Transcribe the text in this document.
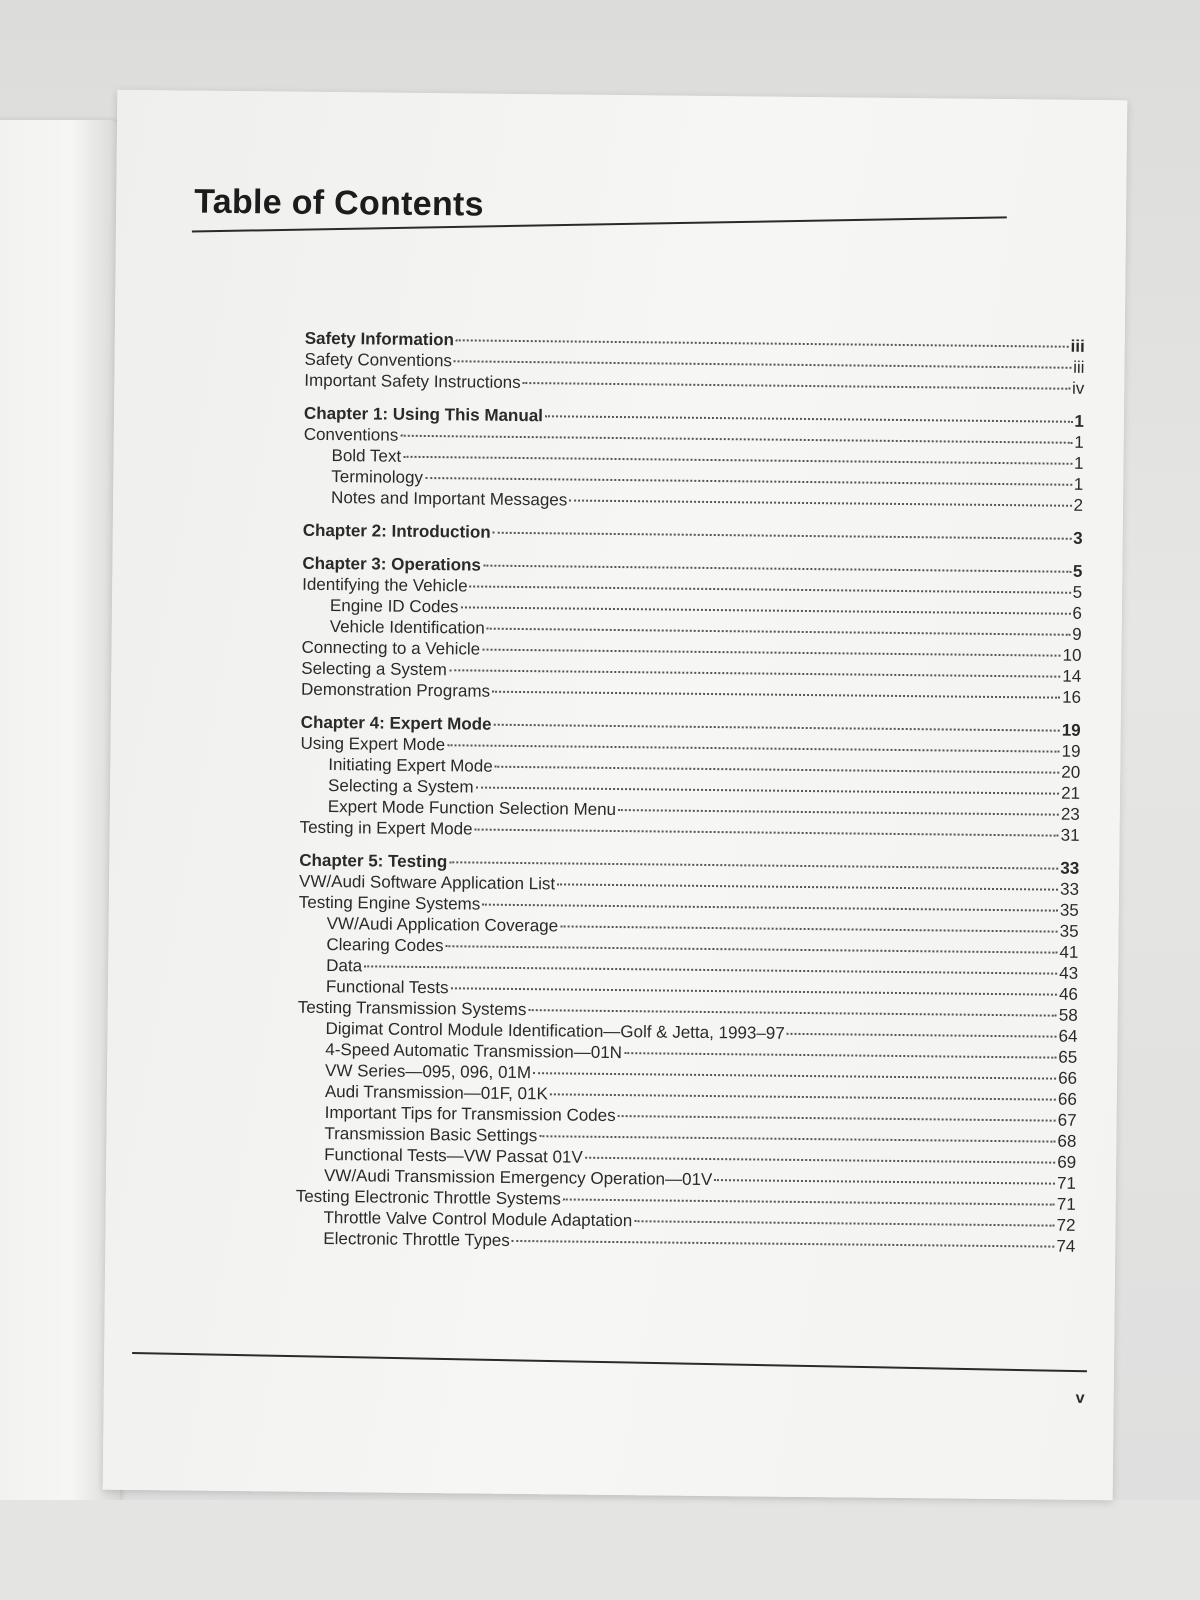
Table of Contents
Safety Information	iii
Safety Conventions	iii
Important Safety Instructions	iv
Chapter 1: Using This Manual	1
Conventions	1
Bold Text	1
Terminology	1
Notes and Important Messages	2
Chapter 2: Introduction	3
Chapter 3: Operations	5
Identifying the Vehicle	5
Engine ID Codes	6
Vehicle Identification	9
Connecting to a Vehicle	10
Selecting a System	14
Demonstration Programs	16
Chapter 4: Expert Mode	19
Using Expert Mode	19
Initiating Expert Mode	20
Selecting a System	21
Expert Mode Function Selection Menu	23
Testing in Expert Mode	31
Chapter 5: Testing	33
VW/Audi Software Application List	33
Testing Engine Systems	35
VW/Audi Application Coverage	35
Clearing Codes	41
Data	43
Functional Tests	46
Testing Transmission Systems	58
Digimat Control Module Identification—Golf & Jetta, 1993–97	64
4-Speed Automatic Transmission—01N	65
VW Series—095, 096, 01M	66
Audi Transmission—01F, 01K	66
Important Tips for Transmission Codes	67
Transmission Basic Settings	68
Functional Tests—VW Passat 01V	69
VW/Audi Transmission Emergency Operation—01V	71
Testing Electronic Throttle Systems	71
Throttle Valve Control Module Adaptation	72
Electronic Throttle Types	74
v
